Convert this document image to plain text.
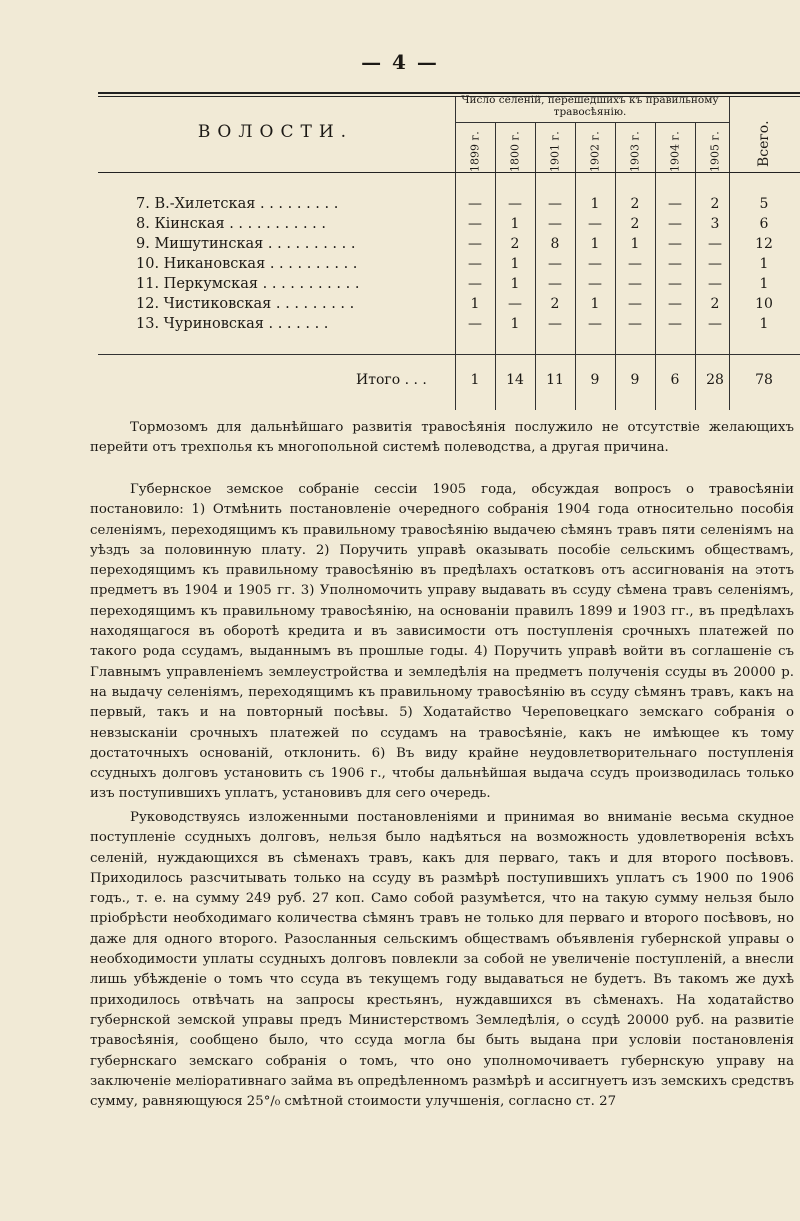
— 4 —
ВОЛОСТИ.
Число селеній, перешедшихъ къ правильному травосѣянію.
1899 г.	1800 г.	1901 г.	1902 г.	1903 г.	1904 г.	1905 г.	Всего.
7. В.-Хилетская . . . . . . . . .	—	—	—	1	2	—	2	5
8. Кіинская . . . . . . . . . . .	—	1	—	—	2	—	3	6
9. Мишутинская . . . . . . . . . .	—	2	8	1	1	—	—	12
10. Никановская . . . . . . . . . .	—	1	—	—	—	—	—	1
11. Перкумская . . . . . . . . . . .	—	1	—	—	—	—	—	1
12. Чистиковская . . . . . . . . .	1	—	2	1	—	—	2	10
13. Чуриновская . . . . . . .	—	1	—	—	—	—	—	1
Итого . . .	1	14	11	9	9	6	28	78

Тормозомъ для дальнѣйшаго развитія травосѣянія послужило не отсутствіе желающихъ перейти отъ трехполья къ многопольной системѣ полеводства, а другая причина.

Губернское земское собраніе сессіи 1905 года, обсуждая вопросъ о травосѣяніи постановило: 1) Отмѣнить постановленіе очередного собранія 1904 года относительно пособія селеніямъ, переходящимъ къ правильному травосѣянію выдачею сѣмянъ травъ пяти селеніямъ на уѣздъ за половинную плату. 2) Поручить управѣ оказывать пособіе сельскимъ обществамъ, переходящимъ къ правильному травосѣянію въ предѣлахъ остатковъ отъ ассигнованія на этотъ предметъ въ 1904 и 1905 гг. 3) Уполномочить управу выдавать въ ссуду сѣмена травъ селеніямъ, переходящимъ къ правильному травосѣянію, на основаніи правилъ 1899 и 1903 гг., въ предѣлахъ находящагося въ оборотѣ кредита и въ зависимости отъ поступленія срочныхъ платежей по такого рода ссудамъ, выданнымъ въ прошлые годы. 4) Поручить управѣ войти въ соглашеніе съ Главнымъ управленіемъ землеустройства и земледѣлія на предметъ полученія ссуды въ 20000 р. на выдачу селеніямъ, переходящимъ къ правильному травосѣянію въ ссуду сѣмянъ травъ, какъ на первый, такъ и на повторный посѣвы. 5) Ходатайство Череповецкаго земскаго собранія о невзысканіи срочныхъ платежей по ссудамъ на травосѣяніе, какъ не имѣющее къ тому достаточныхъ основаній, отклонить. 6) Въ виду крайне неудовлетворительнаго поступленія ссудныхъ долговъ установить съ 1906 г., чтобы дальнѣйшая выдача ссудъ производилась только изъ поступившихъ уплатъ, установивъ для сего очередь.

Руководствуясь изложенными постановленіями и принимая во вниманіе весьма скудное поступленіе ссудныхъ долговъ, нельзя было надѣяться на возможность удовлетворенія всѣхъ селеній, нуждающихся въ сѣменахъ травъ, какъ для перваго, такъ и для второго посѣвовъ. Приходилось разсчитывать только на ссуду въ размѣрѣ поступившихъ уплатъ съ 1900 по 1906 годъ., т. е. на сумму 249 руб. 27 коп. Само собой разумѣется, что на такую сумму нельзя было пріобрѣсти необходимаго количества сѣмянъ травъ не только для перваго и второго посѣвовъ, но даже для одного второго. Разосланныя сельскимъ обществамъ объявленія губернской управы о необходимости уплаты ссудныхъ долговъ повлекли за собой не увеличеніе поступленій, а внесли лишь убѣжденіе о томъ что ссуда въ текущемъ году выдаваться не будетъ. Въ такомъ же духѣ приходилось отвѣчать на запросы крестьянъ, нуждавшихся въ сѣменахъ. На ходатайство губернской земской управы предъ Министерствомъ Земледѣлія, о ссудѣ 20000 руб. на развитіе травосѣянія, сообщено было, что ссуда могла бы быть выдана при условіи постановленія губернскаго земскаго собранія о томъ, что оно уполномочиваетъ губернскую управу на заключеніе меліоративнаго займа въ опредѣленномъ размѣрѣ и ассигнуетъ изъ земскихъ средствъ сумму, равняющуюся 25°/₀ смѣтной стоимости улучшенія, согласно ст. 27
